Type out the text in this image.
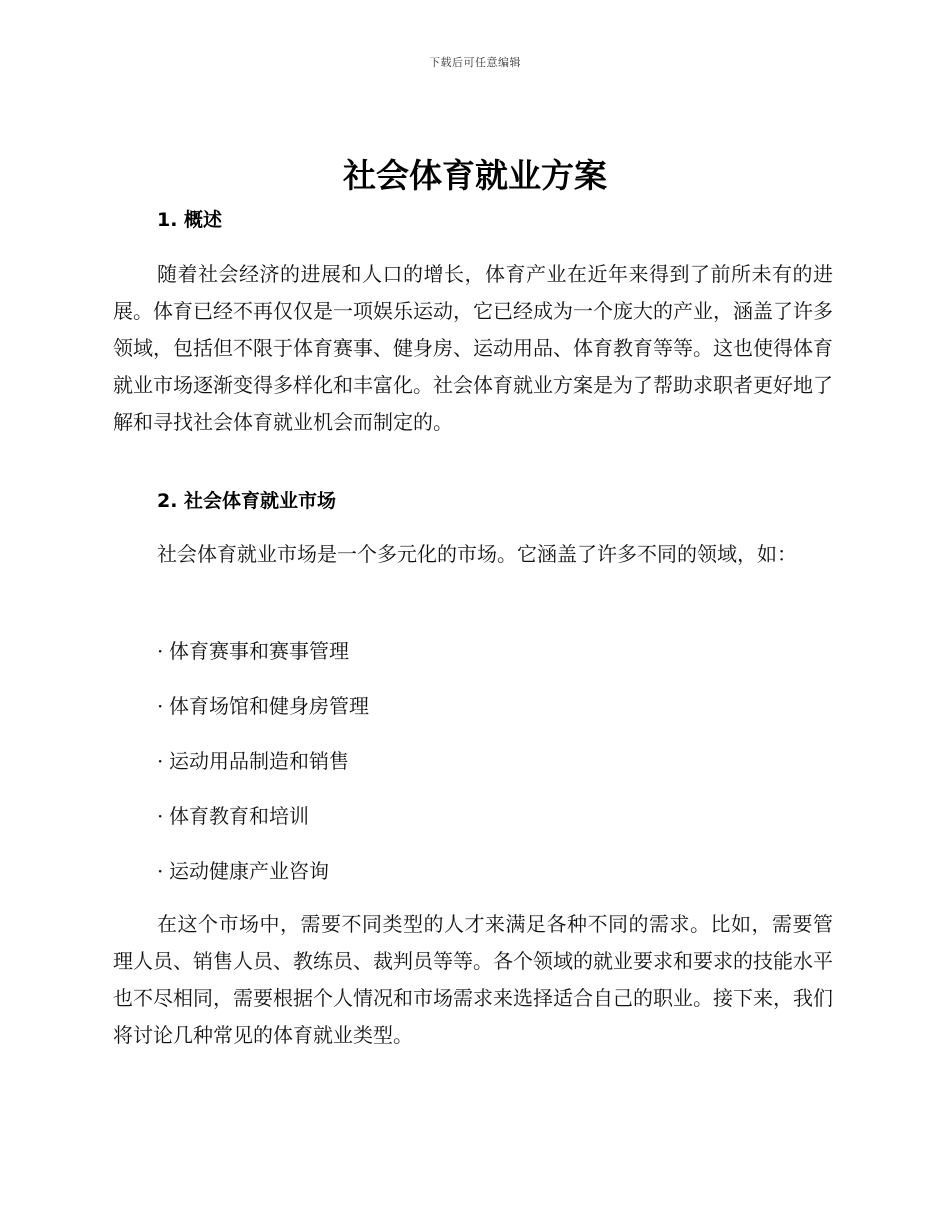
下载后可任意编辑
社会体育就业方案
1. 概述

随着社会经济的进展和人口的增长，体育产业在近年来得到了前所未有的进展。体育已经不再仅仅是一项娱乐运动，它已经成为一个庞大的产业，涵盖了许多领域，包括但不限于体育赛事、健身房、运动用品、体育教育等等。这也使得体育就业市场逐渐变得多样化和丰富化。社会体育就业方案是为了帮助求职者更好地了解和寻找社会体育就业机会而制定的。

2. 社会体育就业市场

社会体育就业市场是一个多元化的市场。它涵盖了许多不同的领域，如：

· 体育赛事和赛事管理
· 体育场馆和健身房管理
· 运动用品制造和销售
· 体育教育和培训
· 运动健康产业咨询

在这个市场中，需要不同类型的人才来满足各种不同的需求。比如，需要管理人员、销售人员、教练员、裁判员等等。各个领域的就业要求和要求的技能水平也不尽相同，需要根据个人情况和市场需求来选择适合自己的职业。接下来，我们将讨论几种常见的体育就业类型。
